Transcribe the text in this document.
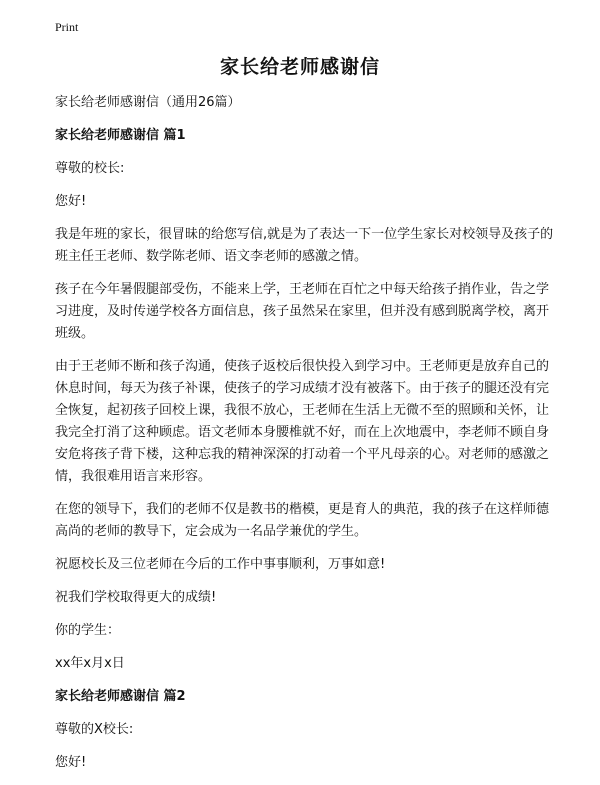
Print
家长给老师感谢信

家长给老师感谢信（通用26篇）

家长给老师感谢信 篇1

尊敬的校长:

您好!

我是年班的家长，很冒昧的给您写信,就是为了表达一下一位学生家长对校领导及孩子的班主任王老师、数学陈老师、语文李老师的感激之情。

孩子在今年暑假腿部受伤，不能来上学，王老师在百忙之中每天给孩子捎作业，告之学习进度，及时传递学校各方面信息，孩子虽然呆在家里，但并没有感到脱离学校，离开班级。

由于王老师不断和孩子沟通，使孩子返校后很快投入到学习中。王老师更是放弃自己的休息时间，每天为孩子补课，使孩子的学习成绩才没有被落下。由于孩子的腿还没有完全恢复，起初孩子回校上课，我很不放心，王老师在生活上无微不至的照顾和关怀，让我完全打消了这种顾虑。语文老师本身腰椎就不好，而在上次地震中，李老师不顾自身安危将孩子背下楼，这种忘我的精神深深的打动着一个平凡母亲的心。对老师的感激之情，我很难用语言来形容。

在您的领导下，我们的老师不仅是教书的楷模，更是育人的典范，我的孩子在这样师德高尚的老师的教导下，定会成为一名品学兼优的学生。

祝愿校长及三位老师在今后的工作中事事顺利，万事如意!

祝我们学校取得更大的成绩!

你的学生：

xx年x月x日

家长给老师感谢信 篇2

尊敬的X校长:

您好!
